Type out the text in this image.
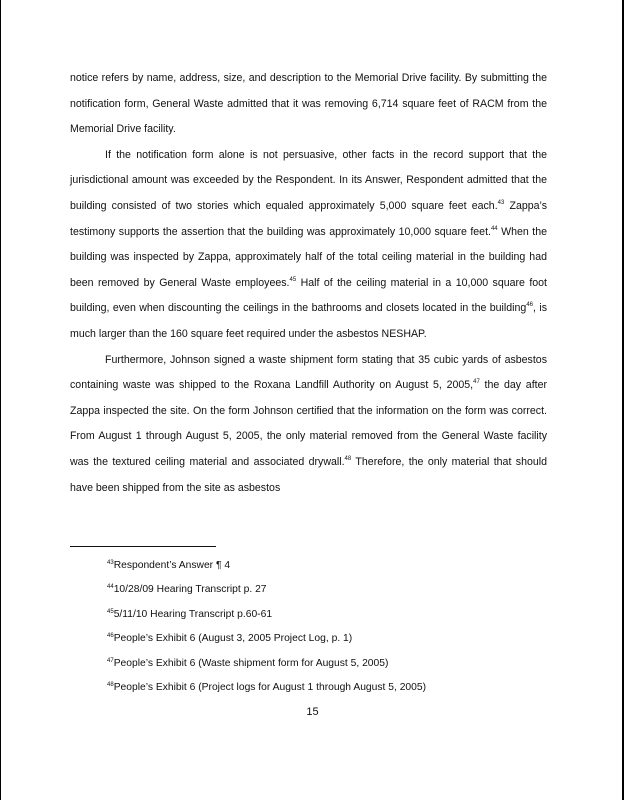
notice refers by name, address, size, and description to the Memorial Drive facility. By submitting the notification form, General Waste admitted that it was removing 6,714 square feet of RACM from the Memorial Drive facility.

If the notification form alone is not persuasive, other facts in the record support that the jurisdictional amount was exceeded by the Respondent. In its Answer, Respondent admitted that the building consisted of two stories which equaled approximately 5,000 square feet each.$^{43}$ Zappa’s testimony supports the assertion that the building was approximately 10,000 square feet.$^{44}$ When the building was inspected by Zappa, approximately half of the total ceiling material in the building had been removed by General Waste employees.$^{45}$ Half of the ceiling material in a 10,000 square foot building, even when discounting the ceilings in the bathrooms and closets located in the building$^{46}$, is much larger than the 160 square feet required under the asbestos NESHAP.

Furthermore, Johnson signed a waste shipment form stating that 35 cubic yards of asbestos containing waste was shipped to the Roxana Landfill Authority on August 5, 2005,47 the day after Zappa inspected the site. On the form Johnson certified that the information on the form was correct. From August 1 through August 5, 2005, the only material removed from the General Waste facility was the textured ceiling material and associated drywall.$^{48}$ Therefore, the only material that should have been shipped from the site as asbestos

$^{43}$Respondent’s Answer ¶ 4
$^{44}$10/28/09 Hearing Transcript p. 27
$^{45}$5/11/10 Hearing Transcript p.60-61
$^{46}$People’s Exhibit 6 (August 3, 2005 Project Log, p. 1)
$^{47}$People’s Exhibit 6 (Waste shipment form for August 5, 2005)
$^{48}$People’s Exhibit 6 (Project logs for August 1 through August 5, 2005)
15
